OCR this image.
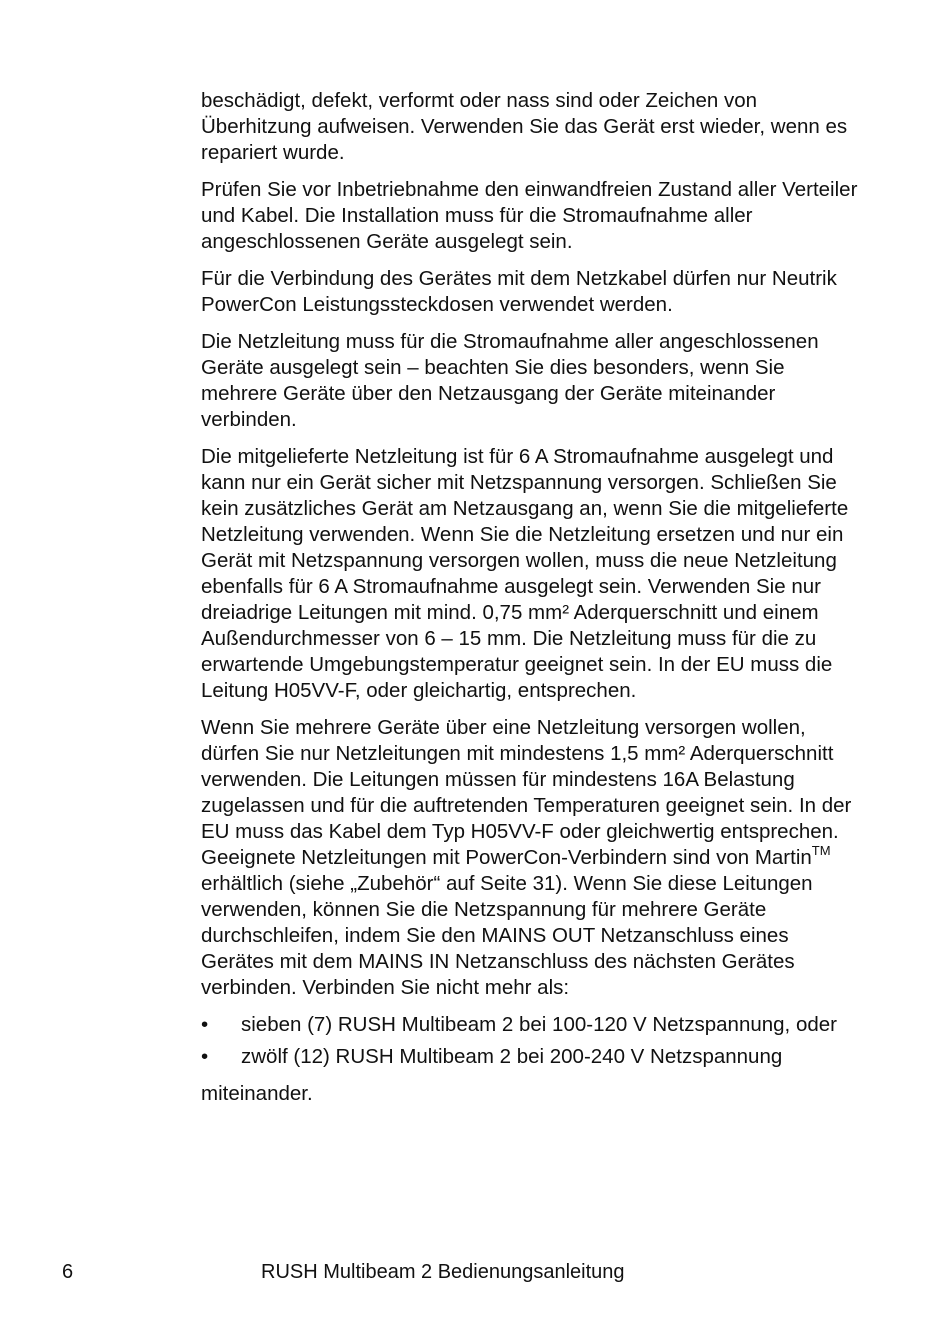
beschädigt, defekt, verformt oder nass sind oder Zeichen von Überhitzung aufweisen. Verwenden Sie das Gerät erst wieder, wenn es repariert wurde.

Prüfen Sie vor Inbetriebnahme den einwandfreien Zustand aller Verteiler und Kabel. Die Installation muss für die Stromaufnahme aller angeschlossenen Geräte ausgelegt sein.

Für die Verbindung des Gerätes mit dem Netzkabel dürfen nur Neutrik PowerCon Leistungssteckdosen verwendet werden.

Die Netzleitung muss für die Stromaufnahme aller angeschlossenen Geräte ausgelegt sein – beachten Sie dies besonders, wenn Sie mehrere Geräte über den Netzausgang der Geräte miteinander verbinden.

Die mitgelieferte Netzleitung ist für 6 A Stromaufnahme ausgelegt und kann nur ein Gerät sicher mit Netzspannung versorgen. Schließen Sie kein zusätzliches Gerät am Netzausgang an, wenn Sie die mitgelieferte Netzleitung verwenden. Wenn Sie die Netzleitung ersetzen und nur ein Gerät mit Netzspannung versorgen wollen, muss die neue Netzleitung ebenfalls für 6 A Stromaufnahme ausgelegt sein. Verwenden Sie nur dreiadrige Leitungen mit mind. 0,75 mm² Aderquerschnitt und einem Außendurchmesser von 6 – 15 mm. Die Netzleitung muss für die zu erwartende Umgebungstemperatur geeignet sein. In der EU muss die Leitung H05VV-F, oder gleichartig, entsprechen.

Wenn Sie mehrere Geräte über eine Netzleitung versorgen wollen, dürfen Sie nur Netzleitungen mit mindestens 1,5 mm² Aderquerschnitt verwenden. Die Leitungen müssen für mindestens 16A Belastung zugelassen und für die auftretenden Temperaturen geeignet sein. In der EU muss das Kabel dem Typ H05VV-F oder gleichwertig entsprechen. Geeignete Netzleitungen mit PowerCon-Verbindern sind von Martin™ erhältlich (siehe „Zubehör“ auf Seite 31). Wenn Sie diese Leitungen verwenden, können Sie die Netzspannung für mehrere Geräte durchschleifen, indem Sie den MAINS OUT Netzanschluss eines Gerätes mit dem MAINS IN Netzanschluss des nächsten Gerätes verbinden. Verbinden Sie nicht mehr als:

• sieben (7) RUSH Multibeam 2 bei 100-120 V Netzspannung, oder
• zwölf (12) RUSH Multibeam 2 bei 200-240 V Netzspannung

miteinander.

6	RUSH Multibeam 2 Bedienungsanleitung
